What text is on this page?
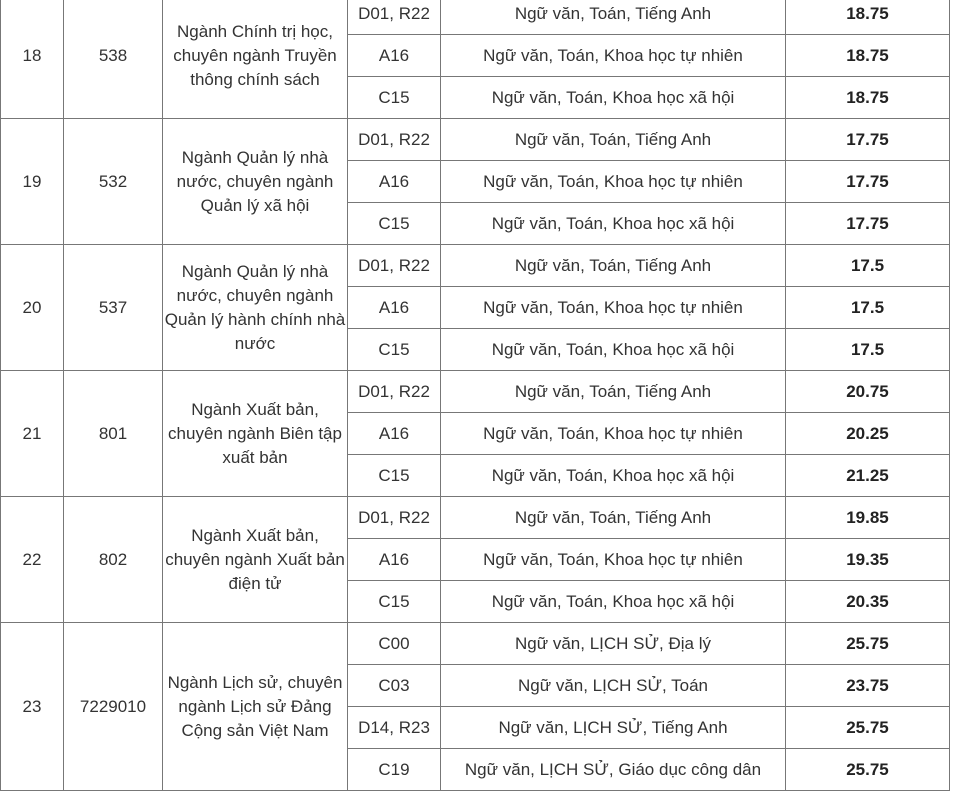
18	538	Ngành Chính trị học, chuyên ngành Truyền thông chính sách	D01, R22	Ngữ văn, Toán, Tiếng Anh	18.75
			A16	Ngữ văn, Toán, Khoa học tự nhiên	18.75
			C15	Ngữ văn, Toán, Khoa học xã hội	18.75
19	532	Ngành Quản lý nhà nước, chuyên ngành Quản lý xã hội	D01, R22	Ngữ văn, Toán, Tiếng Anh	17.75
			A16	Ngữ văn, Toán, Khoa học tự nhiên	17.75
			C15	Ngữ văn, Toán, Khoa học xã hội	17.75
20	537	Ngành Quản lý nhà nước, chuyên ngành Quản lý hành chính nhà nước	D01, R22	Ngữ văn, Toán, Tiếng Anh	17.5
			A16	Ngữ văn, Toán, Khoa học tự nhiên	17.5
			C15	Ngữ văn, Toán, Khoa học xã hội	17.5
21	801	Ngành Xuất bản, chuyên ngành Biên tập xuất bản	D01, R22	Ngữ văn, Toán, Tiếng Anh	20.75
			A16	Ngữ văn, Toán, Khoa học tự nhiên	20.25
			C15	Ngữ văn, Toán, Khoa học xã hội	21.25
22	802	Ngành Xuất bản, chuyên ngành Xuất bản điện tử	D01, R22	Ngữ văn, Toán, Tiếng Anh	19.85
			A16	Ngữ văn, Toán, Khoa học tự nhiên	19.35
			C15	Ngữ văn, Toán, Khoa học xã hội	20.35
23	7229010	Ngành Lịch sử, chuyên ngành Lịch sử Đảng Cộng sản Việt Nam	C00	Ngữ văn, LỊCH SỬ, Địa lý	25.75
			C03	Ngữ văn, LỊCH SỬ, Toán	23.75
			D14, R23	Ngữ văn, LỊCH SỬ, Tiếng Anh	25.75
			C19	Ngữ văn, LỊCH SỬ, Giáo dục công dân	25.75
